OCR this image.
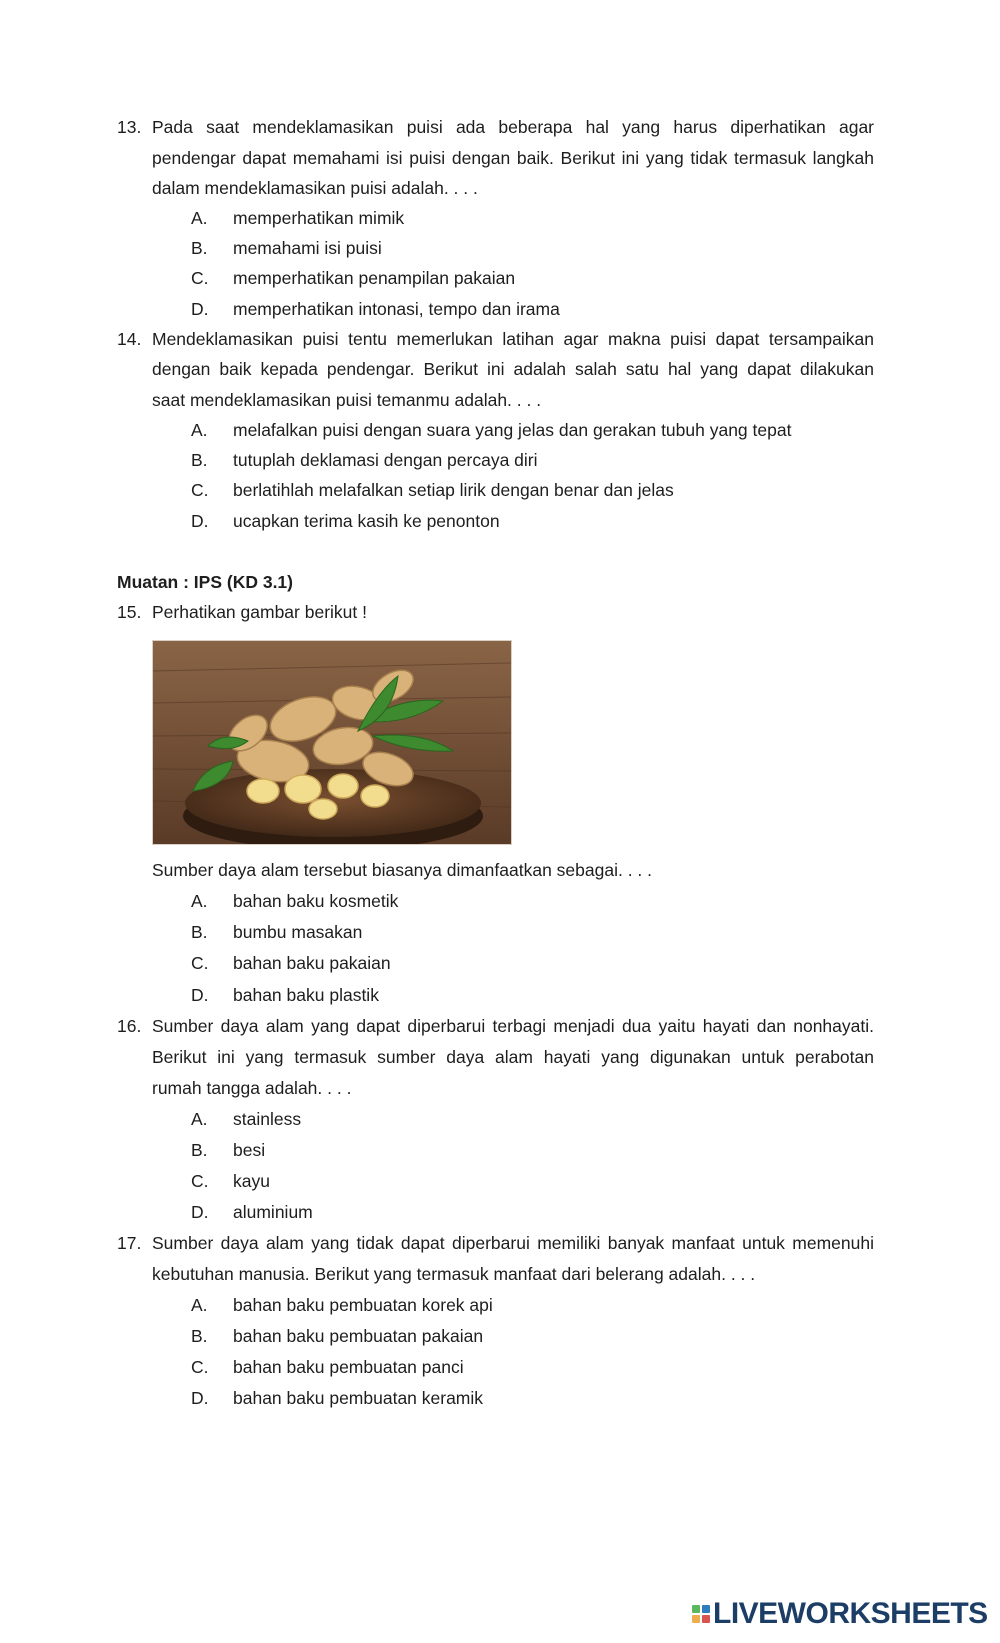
13. Pada saat mendeklamasikan puisi ada beberapa hal yang harus diperhatikan agar
pendengar dapat memahami isi puisi dengan baik. Berikut ini yang tidak termasuk langkah
dalam mendeklamasikan puisi adalah. . . .
A. memperhatikan mimik
B. memahami isi puisi
C. memperhatikan penampilan pakaian
D. memperhatikan intonasi, tempo dan irama
14. Mendeklamasikan puisi tentu memerlukan latihan agar makna puisi dapat tersampaikan
dengan baik kepada pendengar. Berikut ini adalah salah satu hal yang dapat dilakukan
saat mendeklamasikan puisi temanmu adalah. . . .
A. melafalkan puisi dengan suara yang jelas dan gerakan tubuh yang tepat
B. tutuplah deklamasi dengan percaya diri
C. berlatihlah melafalkan setiap lirik dengan benar dan jelas
D. ucapkan terima kasih ke penonton
Muatan : IPS (KD 3.1)
15. Perhatikan gambar berikut !
Sumber daya alam tersebut biasanya dimanfaatkan sebagai. . . .
A. bahan baku kosmetik
B. bumbu masakan
C. bahan baku pakaian
D. bahan baku plastik
16. Sumber daya alam yang dapat diperbarui terbagi menjadi dua yaitu hayati dan nonhayati.
Berikut ini yang termasuk sumber daya alam hayati yang digunakan untuk perabotan
rumah tangga adalah. . . .
A. stainless
B. besi
C. kayu
D. aluminium
17. Sumber daya alam yang tidak dapat diperbarui memiliki banyak manfaat untuk memenuhi
kebutuhan manusia. Berikut yang termasuk manfaat dari belerang adalah. . . .
A. bahan baku pembuatan korek api
B. bahan baku pembuatan pakaian
C. bahan baku pembuatan panci
D. bahan baku pembuatan keramik
LIVEWORKSHEETS
